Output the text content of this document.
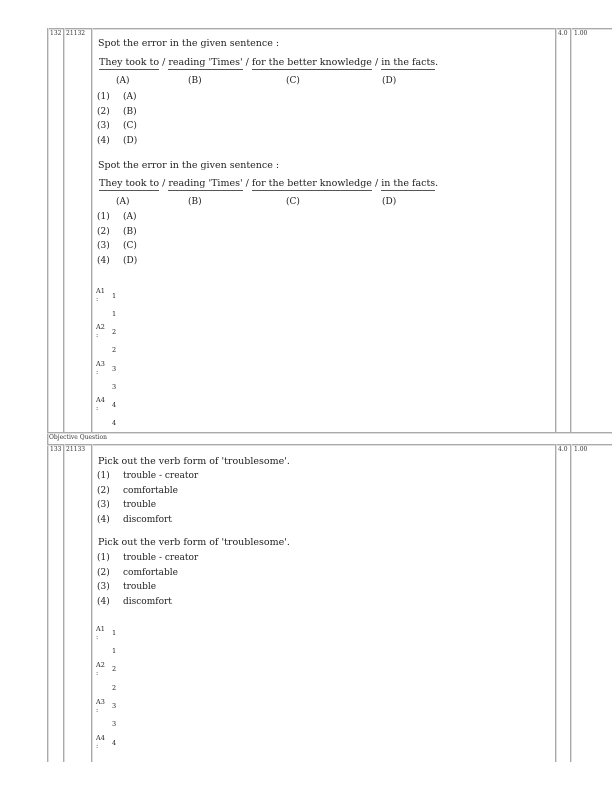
132 21132	4.0 1.00
Spot the error in the given sentence :
They took to / reading 'Times' / for the better knowledge / in the facts.
(A)	(B)	(C)	(D)
(1) (A)
(2) (B)
(3) (C)
(4) (D)
Spot the error in the given sentence :
They took to / reading 'Times' / for the better knowledge / in the facts.
(A)	(B)	(C)	(D)
(1) (A)
(2) (B)
(3) (C)
(4) (D)
A1
: 1
1
A2
: 2
2
A3
: 3
3
A4
: 4
4
Objective Question
133 21133	4.0 1.00
Pick out the verb form of 'troublesome'.
(1) trouble - creator
(2) comfortable
(3) trouble
(4) discomfort
Pick out the verb form of 'troublesome'.
(1) trouble - creator
(2) comfortable
(3) trouble
(4) discomfort
A1
: 1
1
A2
: 2
2
A3
: 3
3
A4
: 4
